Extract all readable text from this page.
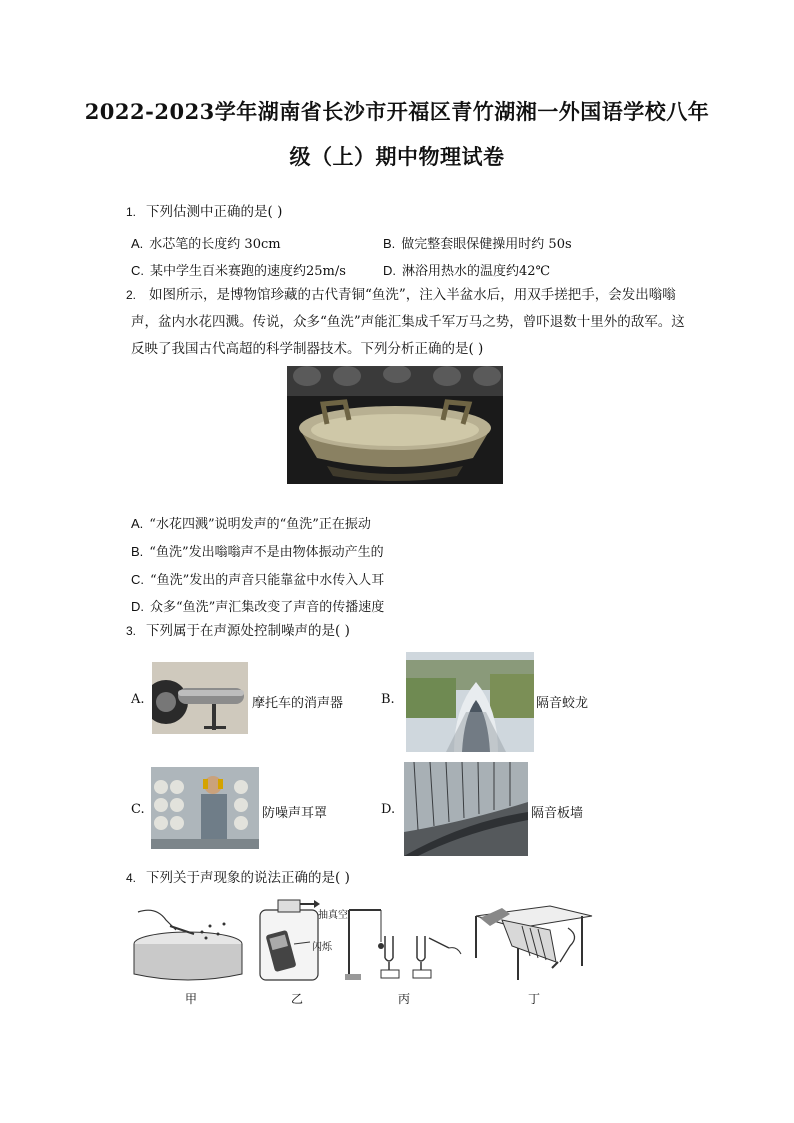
2022-2023学年湖南省长沙市开福区青竹湖湘一外国语学校八年
级（上）期中物理试卷
1. 下列估测中正确的是( )
A. 水芯笔的长度约 30cm	B. 做完整套眼保健操用时约 50s
C. 某中学生百米赛跑的速度约25m/s	D. 淋浴用热水的温度约42℃
2. 如图所示，是博物馆珍藏的古代青铜“鱼洗”，注入半盆水后，用双手搓把手，会发出嗡嗡声，盆内水花四溅。传说，众多“鱼洗”声能汇集成千军万马之势，曾吓退数十里外的敌军。这反映了我国古代高超的科学制器技术。下列分析正确的是( )
A. “水花四溅”说明发声的“鱼洗”正在振动
B. “鱼洗”发出嗡嗡声不是由物体振动产生的
C. “鱼洗”发出的声音只能靠盆中水传入人耳
D. 众多“鱼洗”声汇集改变了声音的传播速度
3. 下列属于在声源处控制噪声的是( )
A.	摩托车的消声器	B.	隔音蛟龙
C.	防噪声耳罩	D.	隔音板墙
4. 下列关于声现象的说法正确的是( )
甲
抽真空
闪烁
乙	丙	丁
